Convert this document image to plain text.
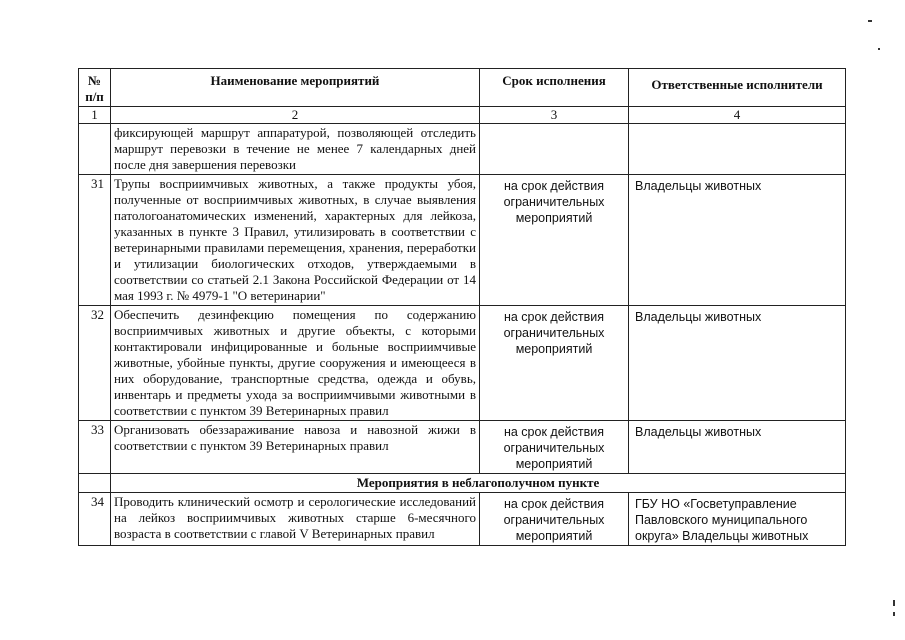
№ п/п	Наименование мероприятий	Срок исполнения	Ответственные исполнители
1	2	3	4
	фиксирующей маршрут аппаратурой, позволяющей отследить маршрут перевозки в течение не менее 7 календарных дней после дня завершения перевозки		
31	Трупы восприимчивых животных, а также продукты убоя, полученные от восприимчивых животных, в случае выявления патологоанатомических изменений, характерных для лейкоза, указанных в пункте 3 Правил, утилизировать в соответствии с ветеринарными правилами перемещения, хранения, переработки и утилизации биологических отходов, утверждаемыми в соответствии со статьей 2.1 Закона Российской Федерации от 14 мая 1993 г. № 4979-1 "О ветеринарии"	на срок действия ограничительных мероприятий	Владельцы животных
32	Обеспечить дезинфекцию помещения по содержанию восприимчивых животных и другие объекты, с которыми контактировали инфицированные и больные восприимчивые животные, убойные пункты, другие сооружения и имеющееся в них оборудование, транспортные средства, одежда и обувь, инвентарь и предметы ухода за восприимчивыми животными в соответствии с пунктом 39 Ветеринарных правил	на срок действия ограничительных мероприятий	Владельцы животных
33	Организовать обеззараживание навоза и навозной жижи в соответствии с пунктом 39 Ветеринарных правил	на срок действия ограничительных мероприятий	Владельцы животных
	Мероприятия в неблагополучном пункте		
34	Проводить клинический осмотр и серологические исследований на лейкоз восприимчивых животных старше 6-месячного возраста в соответствии с главой V Ветеринарных правил	на срок действия ограничительных мероприятий	ГБУ НО «Госветуправление Павловского муниципального округа» Владельцы животных
